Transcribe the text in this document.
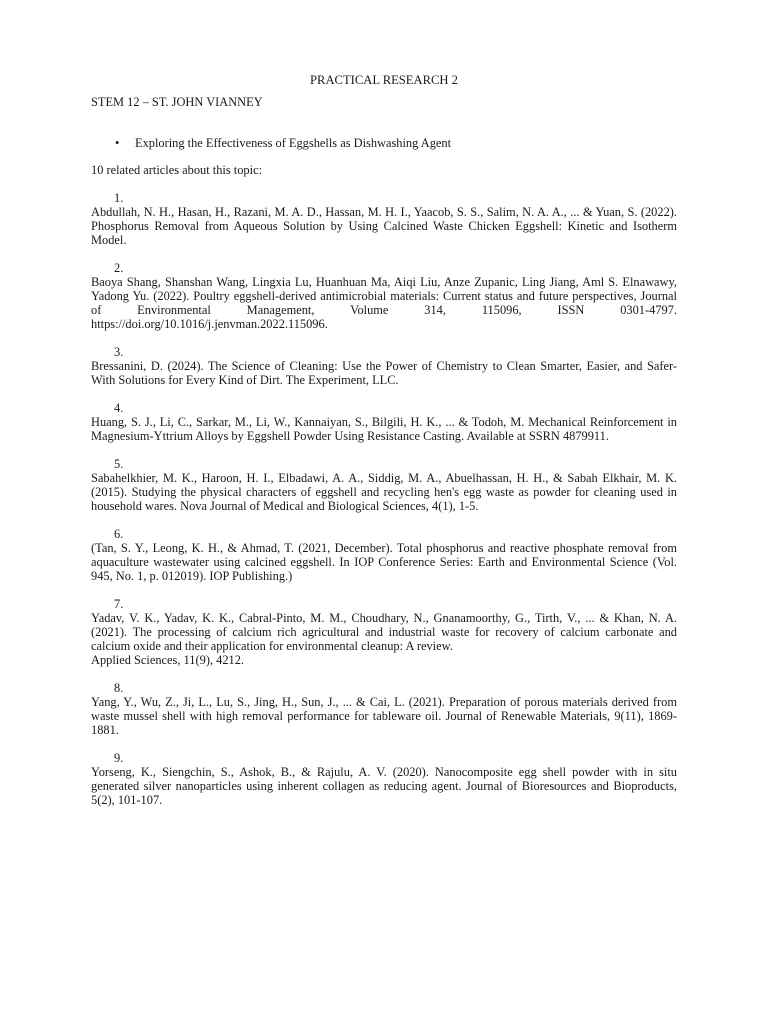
PRACTICAL RESEARCH 2

STEM 12 – ST. JOHN VIANNEY

• Exploring the Effectiveness of Eggshells as Dishwashing Agent

10 related articles about this topic:

1.
Abdullah, N. H., Hasan, H., Razani, M. A. D., Hassan, M. H. I., Yaacob, S. S., Salim, N. A. A., ... & Yuan, S. (2022). Phosphorus Removal from Aqueous Solution by Using Calcined Waste Chicken Eggshell: Kinetic and Isotherm Model.
2.
Baoya Shang, Shanshan Wang, Lingxia Lu, Huanhuan Ma, Aiqi Liu, Anze Zupanic, Ling Jiang, Aml S. Elnawawy, Yadong Yu. (2022). Poultry eggshell-derived antimicrobial materials: Current status and future perspectives, Journal of Environmental Management, Volume 314, 115096, ISSN 0301-4797. https://doi.org/10.1016/j.jenvman.2022.115096.
3.
Bressanini, D. (2024). The Science of Cleaning: Use the Power of Chemistry to Clean Smarter, Easier, and Safer-With Solutions for Every Kind of Dirt. The Experiment, LLC.
4.
Huang, S. J., Li, C., Sarkar, M., Li, W., Kannaiyan, S., Bilgili, H. K., ... & Todoh, M. Mechanical Reinforcement in Magnesium-Yttrium Alloys by Eggshell Powder Using Resistance Casting. Available at SSRN 4879911.
5.
Sabahelkhier, M. K., Haroon, H. I., Elbadawi, A. A., Siddig, M. A., Abuelhassan, H. H., & Sabah Elkhair, M. K. (2015). Studying the physical characters of eggshell and recycling hen's egg waste as powder for cleaning used in household wares. Nova Journal of Medical and Biological Sciences, 4(1), 1-5.
6.
(Tan, S. Y., Leong, K. H., & Ahmad, T. (2021, December). Total phosphorus and reactive phosphate removal from aquaculture wastewater using calcined eggshell. In IOP Conference Series: Earth and Environmental Science (Vol. 945, No. 1, p. 012019). IOP Publishing.)
7.
Yadav, V. K., Yadav, K. K., Cabral-Pinto, M. M., Choudhary, N., Gnanamoorthy, G., Tirth, V., ... & Khan, N. A. (2021). The processing of calcium rich agricultural and industrial waste for recovery of calcium carbonate and calcium oxide and their application for environmental cleanup: A review.
Applied Sciences, 11(9), 4212.
8.
Yang, Y., Wu, Z., Ji, L., Lu, S., Jing, H., Sun, J., ... & Cai, L. (2021). Preparation of porous materials derived from waste mussel shell with high removal performance for tableware oil. Journal of Renewable Materials, 9(11), 1869-1881.
9.
Yorseng, K., Siengchin, S., Ashok, B., & Rajulu, A. V. (2020). Nanocomposite egg shell powder with in situ generated silver nanoparticles using inherent collagen as reducing agent. Journal of Bioresources and Bioproducts, 5(2), 101-107.
